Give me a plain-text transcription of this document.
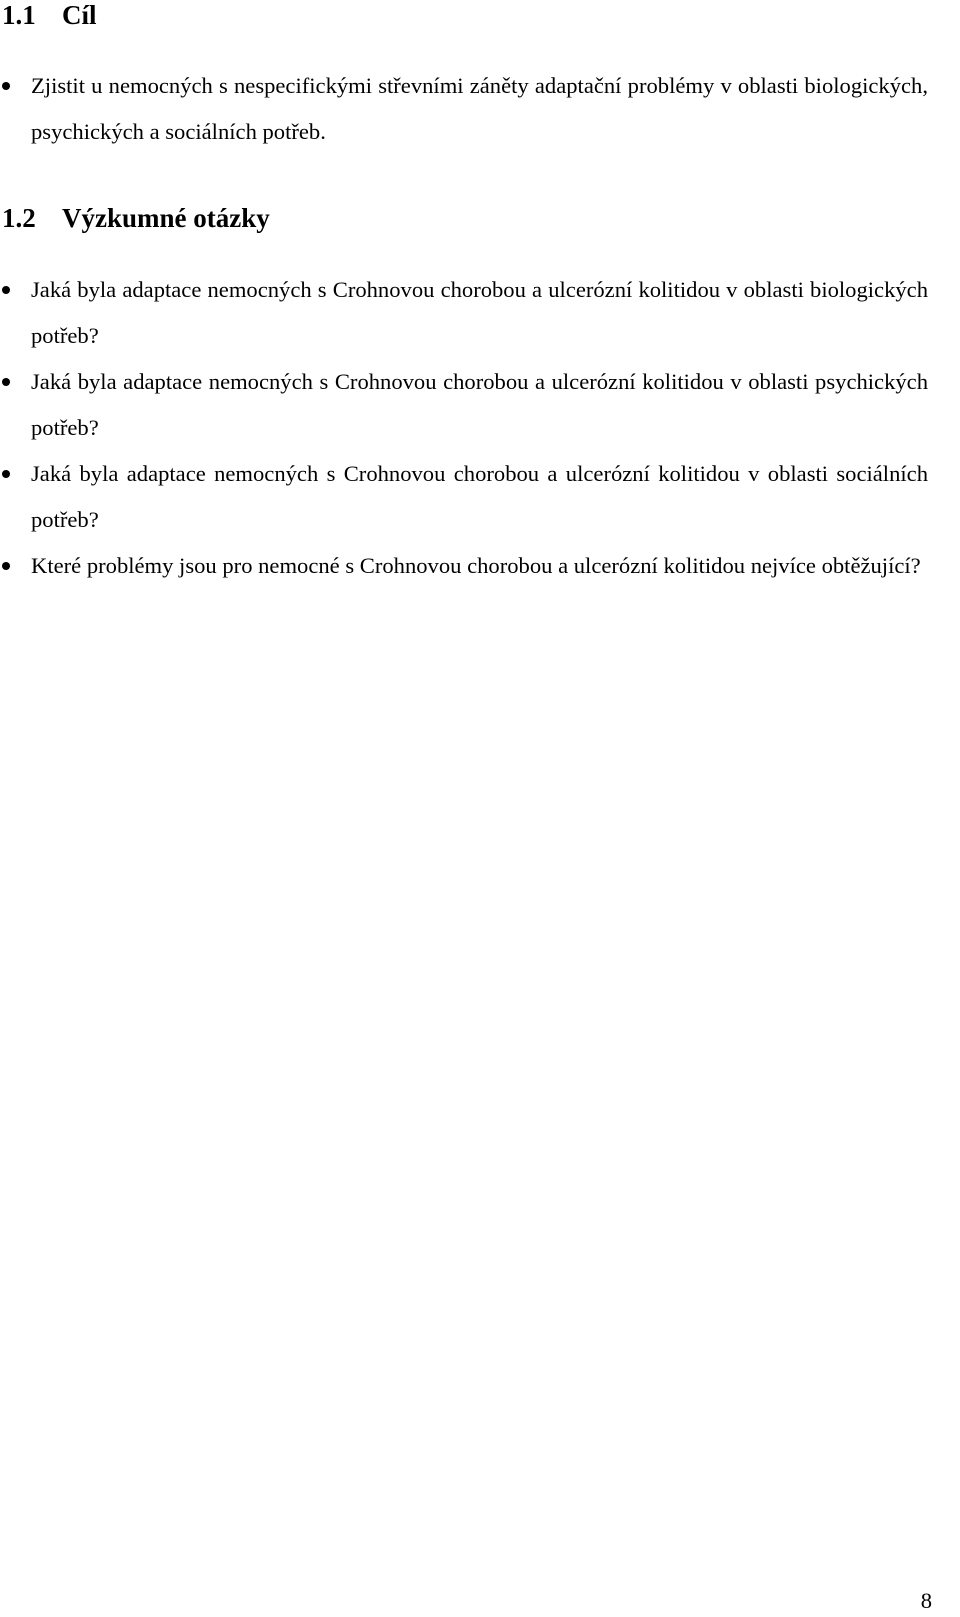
1.1 Cíl
Zjistit u nemocných s nespecifickými střevními záněty adaptační problémy v oblasti biologických, psychických a sociálních potřeb.
1.2 Výzkumné otázky
Jaká byla adaptace nemocných s Crohnovou chorobou a ulcerózní kolitidou v oblasti biologických potřeb?
Jaká byla adaptace nemocných s Crohnovou chorobou a ulcerózní kolitidou v oblasti psychických potřeb?
Jaká byla adaptace nemocných s Crohnovou chorobou a ulcerózní kolitidou v oblasti sociálních potřeb?
Které problémy jsou pro nemocné s Crohnovou chorobou a ulcerózní kolitidou nejvíce obtěžující?
8
